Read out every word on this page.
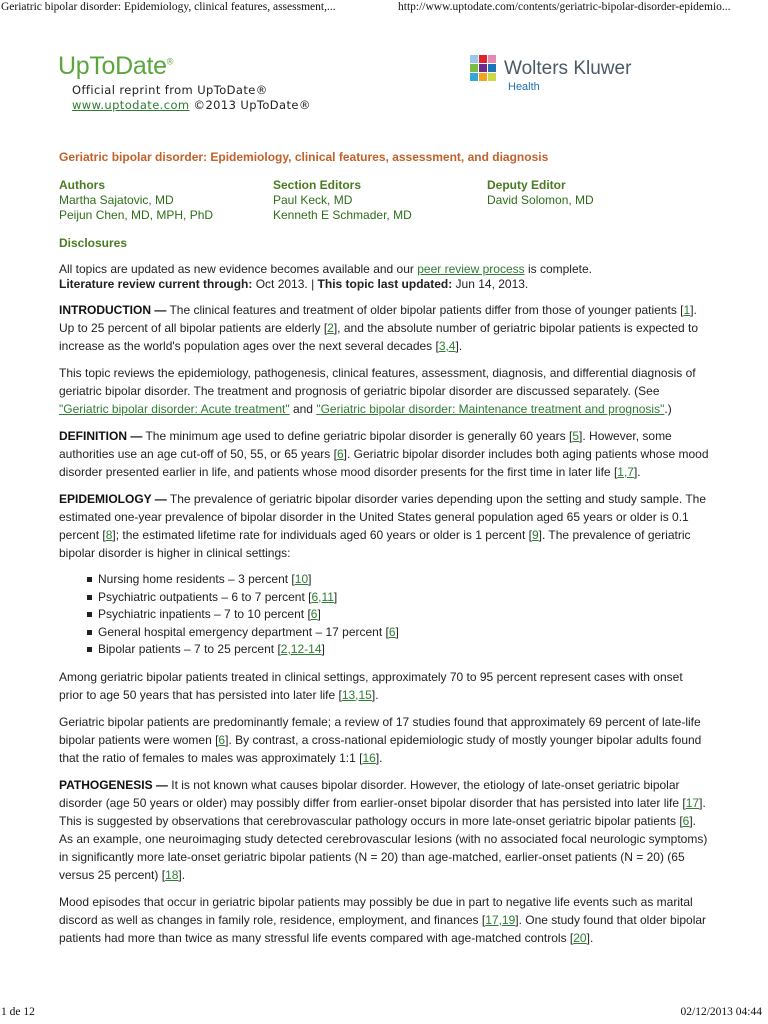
Geriatric bipolar disorder: Epidemiology, clinical features, assessment,...	http://www.uptodate.com/contents/geriatric-bipolar-disorder-epidemio...
UpToDate®
Official reprint from UpToDate®
www.uptodate.com ©2013 UpToDate®
Wolters Kluwer
Health
Geriatric bipolar disorder: Epidemiology, clinical features, assessment, and diagnosis
Authors
Martha Sajatovic, MD
Peijun Chen, MD, MPH, PhD
Section Editors
Paul Keck, MD
Kenneth E Schmader, MD
Deputy Editor
David Solomon, MD
Disclosures

All topics are updated as new evidence becomes available and our peer review process is complete.
Literature review current through: Oct 2013. | This topic last updated: Jun 14, 2013.

INTRODUCTION — The clinical features and treatment of older bipolar patients differ from those of younger patients [1]. Up to 25 percent of all bipolar patients are elderly [2], and the absolute number of geriatric bipolar patients is expected to increase as the world's population ages over the next several decades [3,4].

This topic reviews the epidemiology, pathogenesis, clinical features, assessment, diagnosis, and differential diagnosis of geriatric bipolar disorder. The treatment and prognosis of geriatric bipolar disorder are discussed separately. (See "Geriatric bipolar disorder: Acute treatment" and "Geriatric bipolar disorder: Maintenance treatment and prognosis".)

DEFINITION — The minimum age used to define geriatric bipolar disorder is generally 60 years [5]. However, some authorities use an age cut-off of 50, 55, or 65 years [6]. Geriatric bipolar disorder includes both aging patients whose mood disorder presented earlier in life, and patients whose mood disorder presents for the first time in later life [1,7].

EPIDEMIOLOGY — The prevalence of geriatric bipolar disorder varies depending upon the setting and study sample. The estimated one-year prevalence of bipolar disorder in the United States general population aged 65 years or older is 0.1 percent [8]; the estimated lifetime rate for individuals aged 60 years or older is 1 percent [9]. The prevalence of geriatric bipolar disorder is higher in clinical settings:

Nursing home residents – 3 percent [10]
Psychiatric outpatients – 6 to 7 percent [6,11]
Psychiatric inpatients – 7 to 10 percent [6]
General hospital emergency department – 17 percent [6]
Bipolar patients – 7 to 25 percent [2,12-14]

Among geriatric bipolar patients treated in clinical settings, approximately 70 to 95 percent represent cases with onset prior to age 50 years that has persisted into later life [13,15].

Geriatric bipolar patients are predominantly female; a review of 17 studies found that approximately 69 percent of late-life bipolar patients were women [6]. By contrast, a cross-national epidemiologic study of mostly younger bipolar adults found that the ratio of females to males was approximately 1:1 [16].

PATHOGENESIS — It is not known what causes bipolar disorder. However, the etiology of late-onset geriatric bipolar disorder (age 50 years or older) may possibly differ from earlier-onset bipolar disorder that has persisted into later life [17]. This is suggested by observations that cerebrovascular pathology occurs in more late-onset geriatric bipolar patients [6]. As an example, one neuroimaging study detected cerebrovascular lesions (with no associated focal neurologic symptoms) in significantly more late-onset geriatric bipolar patients (N = 20) than age-matched, earlier-onset patients (N = 20) (65 versus 25 percent) [18].

Mood episodes that occur in geriatric bipolar patients may possibly be due in part to negative life events such as marital discord as well as changes in family role, residence, employment, and finances [17,19]. One study found that older bipolar patients had more than twice as many stressful life events compared with age-matched controls [20].

1 de 12	02/12/2013 04:44
